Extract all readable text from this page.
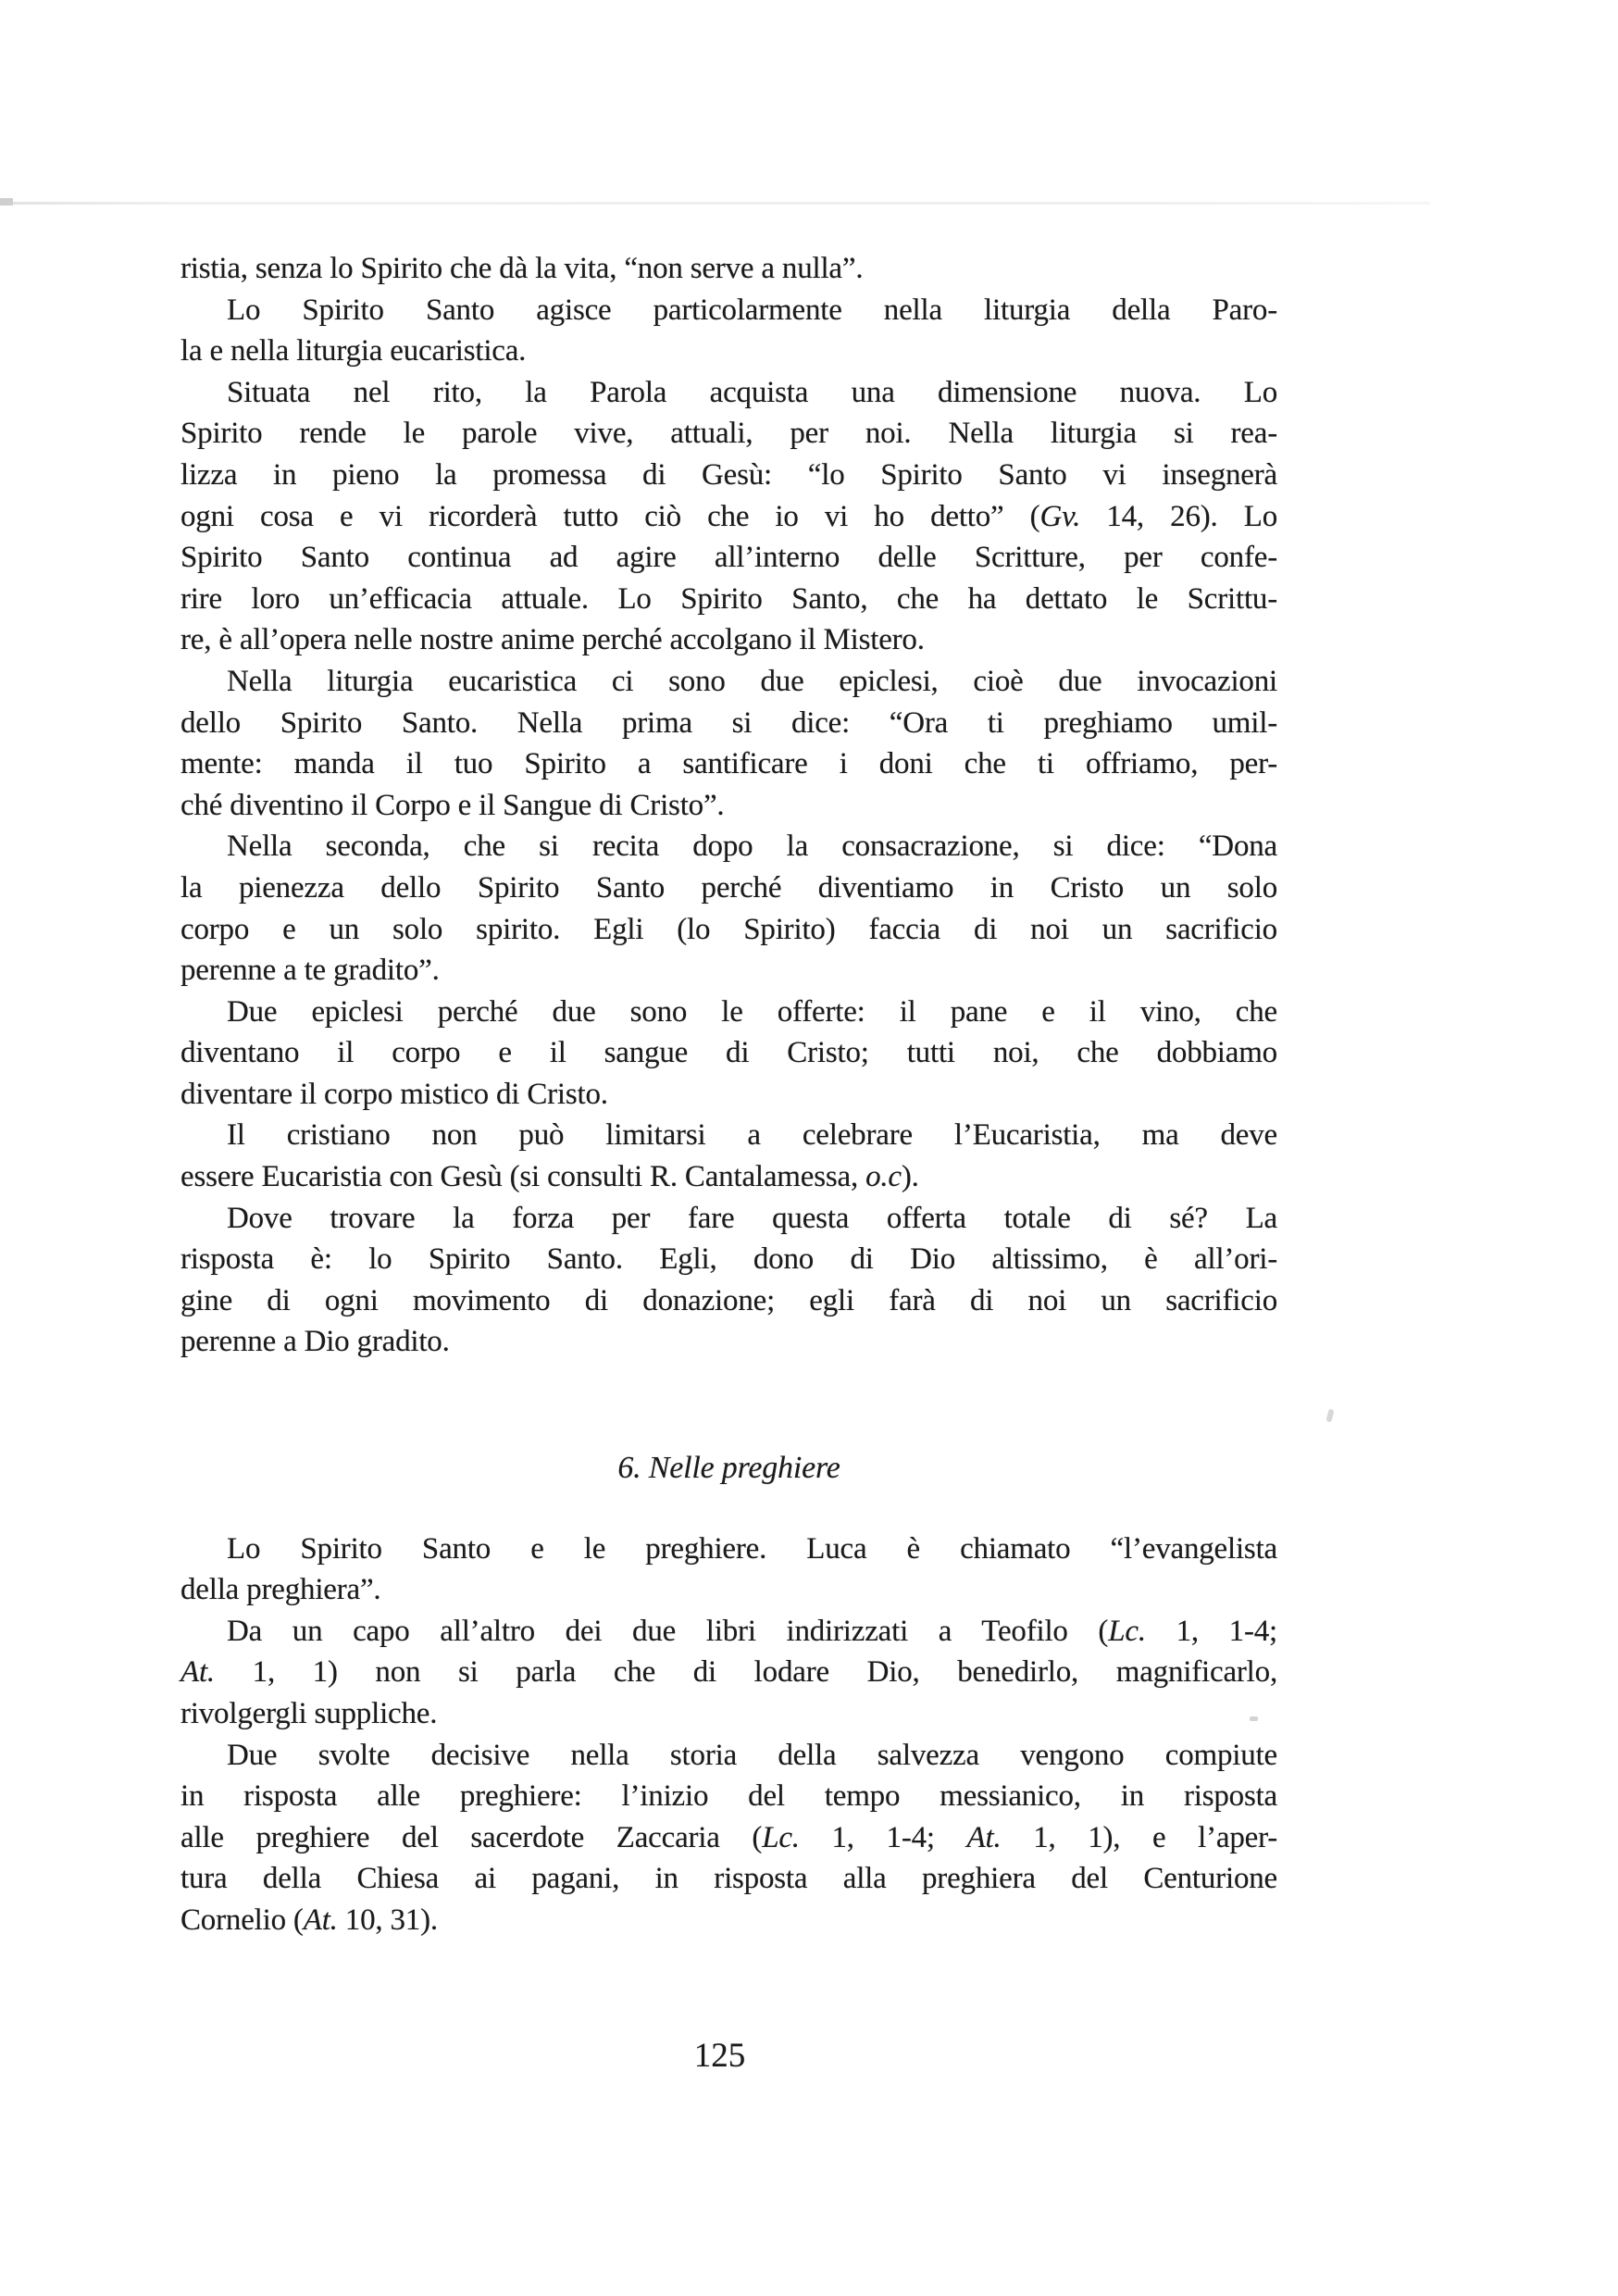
ristia, senza lo Spirito che dà la vita, “non serve a nulla”.
Lo Spirito Santo agisce particolarmente nella liturgia della Paro-
la e nella liturgia eucaristica.
Situata nel rito, la Parola acquista una dimensione nuova. Lo
Spirito rende le parole vive, attuali, per noi. Nella liturgia si rea-
lizza in pieno la promessa di Gesù: “lo Spirito Santo vi insegnerà
ogni cosa e vi ricorderà tutto ciò che io vi ho detto” (Gv. 14, 26). Lo
Spirito Santo continua ad agire all’interno delle Scritture, per confe-
rire loro un’efficacia attuale. Lo Spirito Santo, che ha dettato le Scrittu-
re, è all’opera nelle nostre anime perché accolgano il Mistero.
Nella liturgia eucaristica ci sono due epiclesi, cioè due invocazioni
dello Spirito Santo. Nella prima si dice: “Ora ti preghiamo umil-
mente: manda il tuo Spirito a santificare i doni che ti offriamo, per-
ché diventino il Corpo e il Sangue di Cristo”.
Nella seconda, che si recita dopo la consacrazione, si dice: “Dona
la pienezza dello Spirito Santo perché diventiamo in Cristo un solo
corpo e un solo spirito. Egli (lo Spirito) faccia di noi un sacrificio
perenne a te gradito”.
Due epiclesi perché due sono le offerte: il pane e il vino, che
diventano il corpo e il sangue di Cristo; tutti noi, che dobbiamo
diventare il corpo mistico di Cristo.
Il cristiano non può limitarsi a celebrare l’Eucaristia, ma deve
essere Eucaristia con Gesù (si consulti R. Cantalamessa, o.c).
Dove trovare la forza per fare questa offerta totale di sé? La
risposta è: lo Spirito Santo. Egli, dono di Dio altissimo, è all’ori-
gine di ogni movimento di donazione; egli farà di noi un sacrificio
perenne a Dio gradito.
6. Nelle preghiere
Lo Spirito Santo e le preghiere. Luca è chiamato “l’evangelista
della preghiera”.
Da un capo all’altro dei due libri indirizzati a Teofilo (Lc. 1, 1-4;
At. 1, 1) non si parla che di lodare Dio, benedirlo, magnificarlo,
rivolgergli suppliche.
Due svolte decisive nella storia della salvezza vengono compiute
in risposta alle preghiere: l’inizio del tempo messianico, in risposta
alle preghiere del sacerdote Zaccaria (Lc. 1, 1-4; At. 1, 1), e l’aper-
tura della Chiesa ai pagani, in risposta alla preghiera del Centurione
Cornelio (At. 10, 31).
125
